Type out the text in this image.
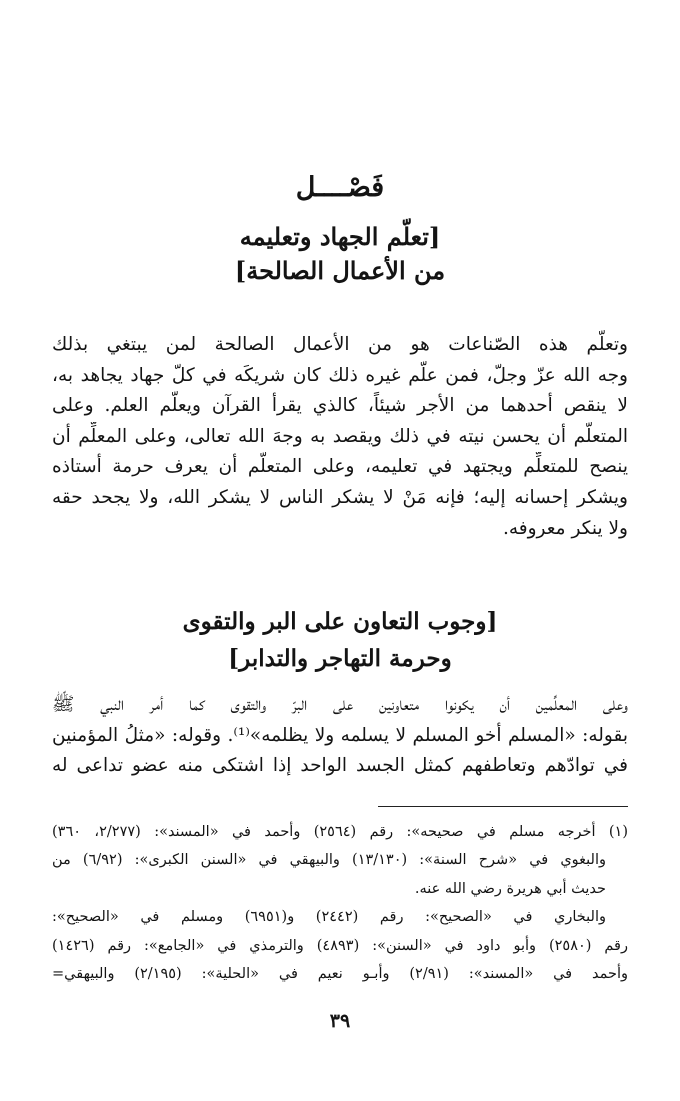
فَصْــــل
[تعلّم الجهاد وتعليمه
من الأعمال الصالحة]
وتعلّم هذه الصّناعات هو من الأعمال الصالحة لمن يبتغي بذلك
وجه الله عزّ وجلّ، فمن علّم غيره ذلك كان شريكَه في كلّ جهاد يجاهد به،
لا ينقص أحدهما من الأجر شيئاً، كالذي يقرأ القرآن ويعلّم العلم. وعلى
المتعلّم أن يحسن نيته في ذلك ويقصد به وجهَ الله تعالى، وعلى المعلِّم أن
ينصح للمتعلِّم ويجتهد في تعليمه، وعلى المتعلّم أن يعرف حرمة أستاذه
ويشكر إحسانه إليه؛ فإنه مَنْ لا يشكر الناس لا يشكر الله، ولا يجحد حقه
ولا ينكر معروفه.
[وجوب التعاون على البر والتقوى
وحرمة التهاجر والتدابر]
وعلى المعلِّمين أن يكونوا متعاونين على البرّ والتقوى كما أمر النبي ﷺ
بقوله: «المسلم أخو المسلم لا يسلمه ولا يظلمه»⁽¹⁾. وقوله: «مثلُ المؤمنين
في توادّهم وتعاطفهم كمثل الجسد الواحد إذا اشتكى منه عضو تداعى له
(١) أخرجه مسلم في صحيحه»: رقم (٢٥٦٤) وأحمد في «المسند»: (٢/٢٧٧، ٣٦٠)
والبغوي في «شرح السنة»: (١٣/١٣٠) والبيهقي في «السنن الكبرى»: (٦/٩٢) من
حديث أبي هريرة رضي الله عنه.
والبخاري في «الصحيح»: رقم (٢٤٤٢) و(٦٩٥١) ومسلم في «الصحيح»:
رقم (٢٥٨٠) وأبو داود في «السنن»: (٤٨٩٣) والترمذي في «الجامع»: رقم (١٤٢٦)
وأحمد في «المسند»: (٢/٩١) وأبـو نعيم في «الحلية»: (٢/١٩٥) والبيهقي=
٣٩
